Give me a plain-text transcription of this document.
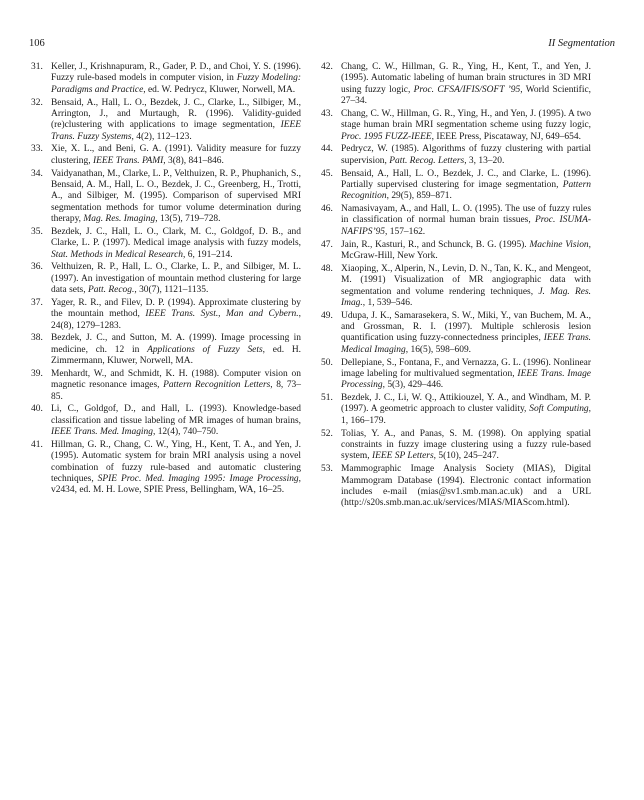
106	II Segmentation

31. Keller, J., Krishnapuram, R., Gader, P. D., and Choi, Y. S. (1996). Fuzzy rule-based models in computer vision, in Fuzzy Modeling: Paradigms and Practice, ed. W. Pedrycz, Kluwer, Norwell, MA.

32. Bensaid, A., Hall, L. O., Bezdek, J. C., Clarke, L., Silbiger, M., Arrington, J., and Murtaugh, R. (1996). Validity-guided (re)clustering with applications to image segmentation, IEEE Trans. Fuzzy Systems, 4(2), 112–123.

33. Xie, X. L., and Beni, G. A. (1991). Validity measure for fuzzy clustering, IEEE Trans. PAMI, 3(8), 841–846.

34. Vaidyanathan, M., Clarke, L. P., Velthuizen, R. P., Phuphanich, S., Bensaid, A. M., Hall, L. O., Bezdek, J. C., Greenberg, H., Trotti, A., and Silbiger, M. (1995). Comparison of supervised MRI segmentation methods for tumor volume determination during therapy, Mag. Res. Imaging, 13(5), 719–728.

35. Bezdek, J. C., Hall, L. O., Clark, M. C., Goldgof, D. B., and Clarke, L. P. (1997). Medical image analysis with fuzzy models, Stat. Methods in Medical Research, 6, 191–214.

36. Velthuizen, R. P., Hall, L. O., Clarke, L. P., and Silbiger, M. L. (1997). An investigation of mountain method clustering for large data sets, Patt. Recog., 30(7), 1121–1135.

37. Yager, R. R., and Filev, D. P. (1994). Approximate clustering by the mountain method, IEEE Trans. Syst., Man and Cybern., 24(8), 1279–1283.

38. Bezdek, J. C., and Sutton, M. A. (1999). Image processing in medicine, ch. 12 in Applications of Fuzzy Sets, ed. H. Zimmermann, Kluwer, Norwell, MA.

39. Menhardt, W., and Schmidt, K. H. (1988). Computer vision on magnetic resonance images, Pattern Recognition Letters, 8, 73–85.

40. Li, C., Goldgof, D., and Hall, L. (1993). Knowledge-based classification and tissue labeling of MR images of human brains, IEEE Trans. Med. Imaging, 12(4), 740–750.

41. Hillman, G. R., Chang, C. W., Ying, H., Kent, T. A., and Yen, J. (1995). Automatic system for brain MRI analysis using a novel combination of fuzzy rule-based and automatic clustering techniques, SPIE Proc. Med. Imaging 1995: Image Processing, v2434, ed. M. H. Lowe, SPIE Press, Bellingham, WA, 16–25.

42. Chang, C. W., Hillman, G. R., Ying, H., Kent, T., and Yen, J. (1995). Automatic labeling of human brain structures in 3D MRI using fuzzy logic, Proc. CFSA/IFIS/SOFT ’95, World Scientific, 27–34.

43. Chang, C. W., Hillman, G. R., Ying, H., and Yen, J. (1995). A two stage human brain MRI segmentation scheme using fuzzy logic, Proc. 1995 FUZZ-IEEE, IEEE Press, Piscataway, NJ, 649–654.

44. Pedrycz, W. (1985). Algorithms of fuzzy clustering with partial supervision, Patt. Recog. Letters, 3, 13–20.

45. Bensaid, A., Hall, L. O., Bezdek, J. C., and Clarke, L. (1996). Partially supervised clustering for image segmentation, Pattern Recognition, 29(5), 859–871.

46. Namasivayam, A., and Hall, L. O. (1995). The use of fuzzy rules in classification of normal human brain tissues, Proc. ISUMA-NAFIPS’95, 157–162.

47. Jain, R., Kasturi, R., and Schunck, B. G. (1995). Machine Vision, McGraw-Hill, New York.

48. Xiaoping, X., Alperin, N., Levin, D. N., Tan, K. K., and Mengeot, M. (1991) Visualization of MR angiographic data with segmentation and volume rendering techniques, J. Mag. Res. Imag., 1, 539–546.

49. Udupa, J. K., Samarasekera, S. W., Miki, Y., van Buchem, M. A., and Grossman, R. I. (1997). Multiple schlerosis lesion quantification using fuzzy-connectedness principles, IEEE Trans. Medical Imaging, 16(5), 598–609.

50. Dellepiane, S., Fontana, F., and Vernazza, G. L. (1996). Nonlinear image labeling for multivalued segmentation, IEEE Trans. Image Processing, 5(3), 429–446.

51. Bezdek, J. C., Li, W. Q., Attikiouzel, Y. A., and Windham, M. P. (1997). A geometric approach to cluster validity, Soft Computing, 1, 166–179.

52. Tolias, Y. A., and Panas, S. M. (1998). On applying spatial constraints in fuzzy image clustering using a fuzzy rule-based system, IEEE SP Letters, 5(10), 245–247.

53. Mammographic Image Analysis Society (MIAS), Digital Mammogram Database (1994). Electronic contact information includes e-mail (mias@sv1.smb.man.ac.uk) and a URL (http://s20s.smb.man.ac.uk/services/MIAS/MIAScom.html).
